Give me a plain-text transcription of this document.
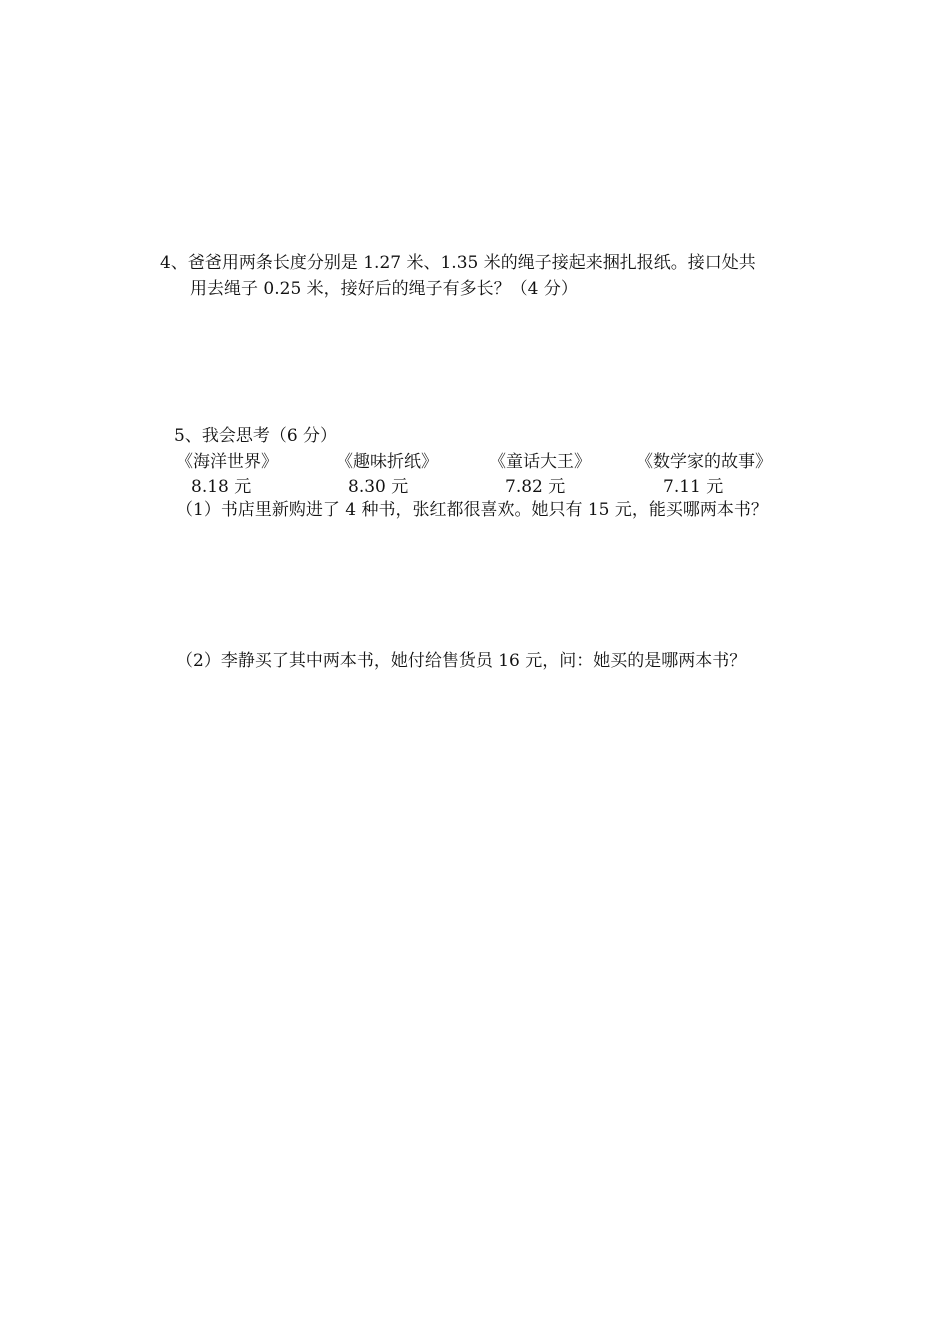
4、爸爸用两条长度分别是 1.27 米、1.35 米的绳子接起来捆扎报纸。接口处共
用去绳子 0.25 米，接好后的绳子有多长？（4 分）
5、我会思考（6 分）
《海洋世界》	《趣味折纸》	《童话大王》	《数学家的故事》
8.18 元	8.30 元	7.82 元	7.11 元
（1）书店里新购进了 4 种书，张红都很喜欢。她只有 15 元，能买哪两本书？
（2）李静买了其中两本书，她付给售货员 16 元，问：她买的是哪两本书？
